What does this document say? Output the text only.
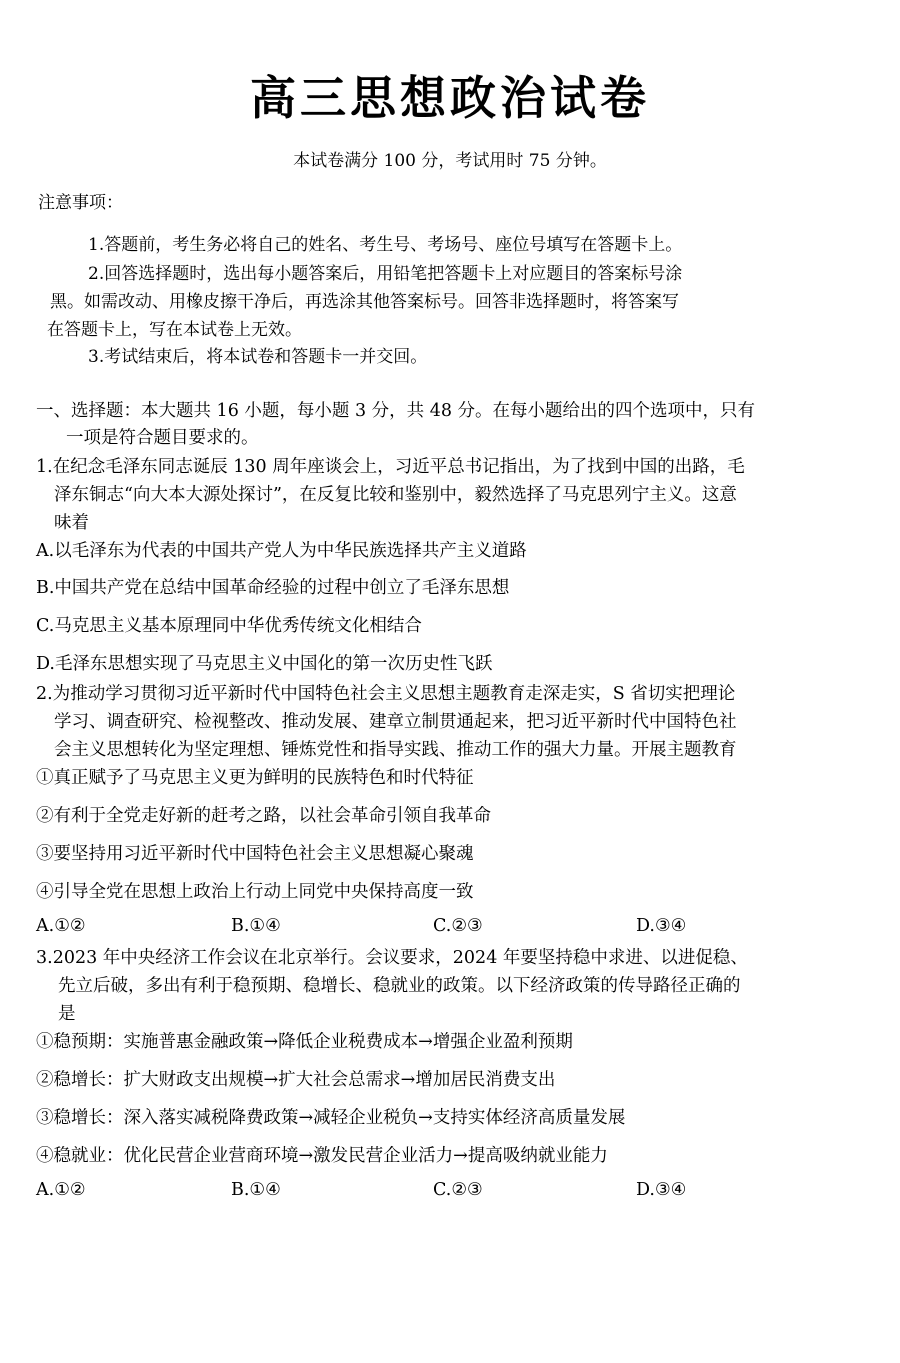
高三思想政治试卷
本试卷满分 100 分，考试用时 75 分钟。
注意事项：
1.答题前，考生务必将自己的姓名、考生号、考场号、座位号填写在答题卡上。
2.回答选择题时，选出每小题答案后，用铅笔把答题卡上对应题目的答案标号涂
黑。如需改动、用橡皮擦干净后，再选涂其他答案标号。回答非选择题时，将答案写
在答题卡上，写在本试卷上无效。
3.考试结束后，将本试卷和答题卡一并交回。
一、选择题：本大题共 16 小题，每小题 3 分，共 48 分。在每小题给出的四个选项中，只有
一项是符合题目要求的。
1.在纪念毛泽东同志诞辰 130 周年座谈会上，习近平总书记指出，为了找到中国的出路，毛
泽东铜志“向大本大源处探讨”，在反复比较和鉴别中，毅然选择了马克思列宁主义。这意
味着
A.以毛泽东为代表的中国共产党人为中华民族选择共产主义道路
B.中国共产党在总结中国革命经验的过程中创立了毛泽东思想
C.马克思主义基本原理同中华优秀传统文化相结合
D.毛泽东思想实现了马克思主义中国化的第一次历史性飞跃
2.为推动学习贯彻习近平新时代中国特色社会主义思想主题教育走深走实，S 省切实把理论
学习、调查研究、检视整改、推动发展、建章立制贯通起来，把习近平新时代中国特色社
会主义思想转化为坚定理想、锤炼党性和指导实践、推动工作的强大力量。开展主题教育
①真正赋予了马克思主义更为鲜明的民族特色和时代特征
②有利于全党走好新的赶考之路，以社会革命引领自我革命
③要坚持用习近平新时代中国特色社会主义思想凝心聚魂
④引导全党在思想上政治上行动上同党中央保持高度一致
A.①②	B.①④	C.②③	D.③④
3.2023 年中央经济工作会议在北京举行。会议要求，2024 年要坚持稳中求进、以进促稳、
先立后破，多出有利于稳预期、稳增长、稳就业的政策。以下经济政策的传导路径正确的
是
①稳预期：实施普惠金融政策→降低企业税费成本→增强企业盈利预期
②稳增长：扩大财政支出规模→扩大社会总需求→增加居民消费支出
③稳增长：深入落实减税降费政策→减轻企业税负→支持实体经济高质量发展
④稳就业：优化民营企业营商环境→激发民营企业活力→提高吸纳就业能力
A.①②	B.①④	C.②③	D.③④
